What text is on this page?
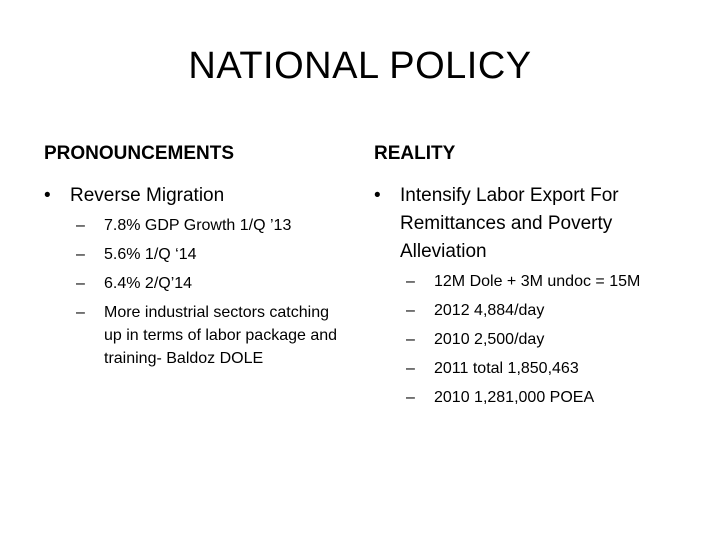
NATIONAL POLICY
PRONOUNCEMENTS
•	Reverse Migration
–	7.8% GDP Growth 1/Q ’13
–	5.6% 1/Q ‘14
–	6.4% 2/Q’14
–	More industrial sectors catching up in terms of labor package and training- Baldoz DOLE
REALITY
•	Intensify Labor Export For Remittances and Poverty Alleviation
–	12M Dole + 3M undoc = 15M
–	2012 4,884/day
–	2010 2,500/day
–	2011 total 1,850,463
–	2010 1,281,000 POEA
